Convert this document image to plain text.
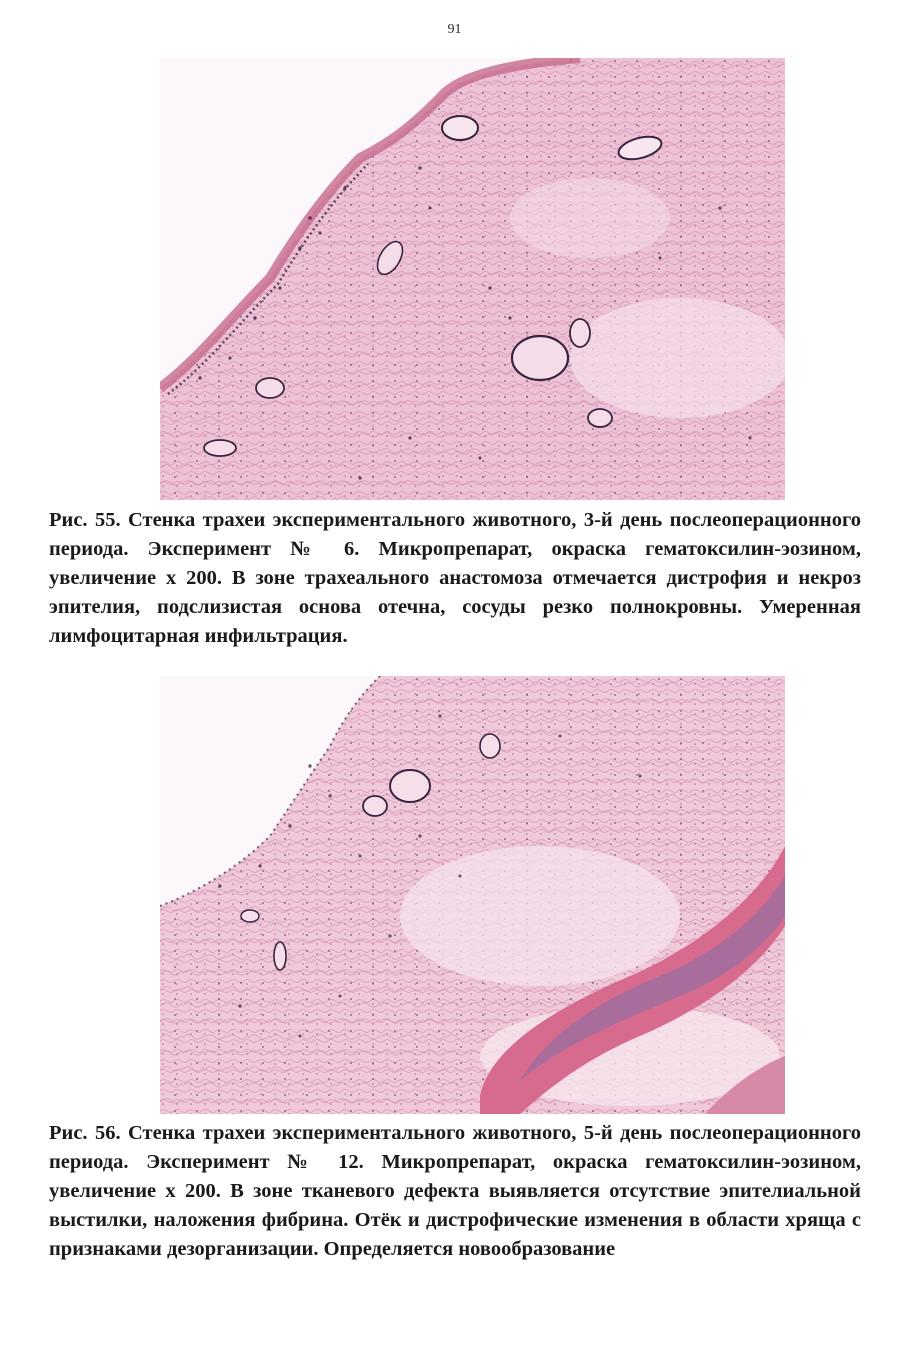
91
Рис. 55. Стенка трахеи экспериментального животного, 3-й день послеоперационного периода. Эксперимент № 6. Микропрепарат, окраска гематоксилин-эозином, увеличение х 200. В зоне трахеального анастомоза отмечается дистрофия и некроз эпителия, подслизистая основа отечна, сосуды резко полнокровны. Умеренная лимфоцитарная инфильтрация.
Рис. 56. Стенка трахеи экспериментального животного, 5-й день послеоперационного периода. Эксперимент № 12. Микропрепарат, окраска гематоксилин-эозином, увеличение х 200. В зоне тканевого дефекта выявляется отсутствие эпителиальной выстилки, наложения фибрина. Отёк и дистрофические изменения в области хряща с признаками дезорганизации. Определяется новообразование
